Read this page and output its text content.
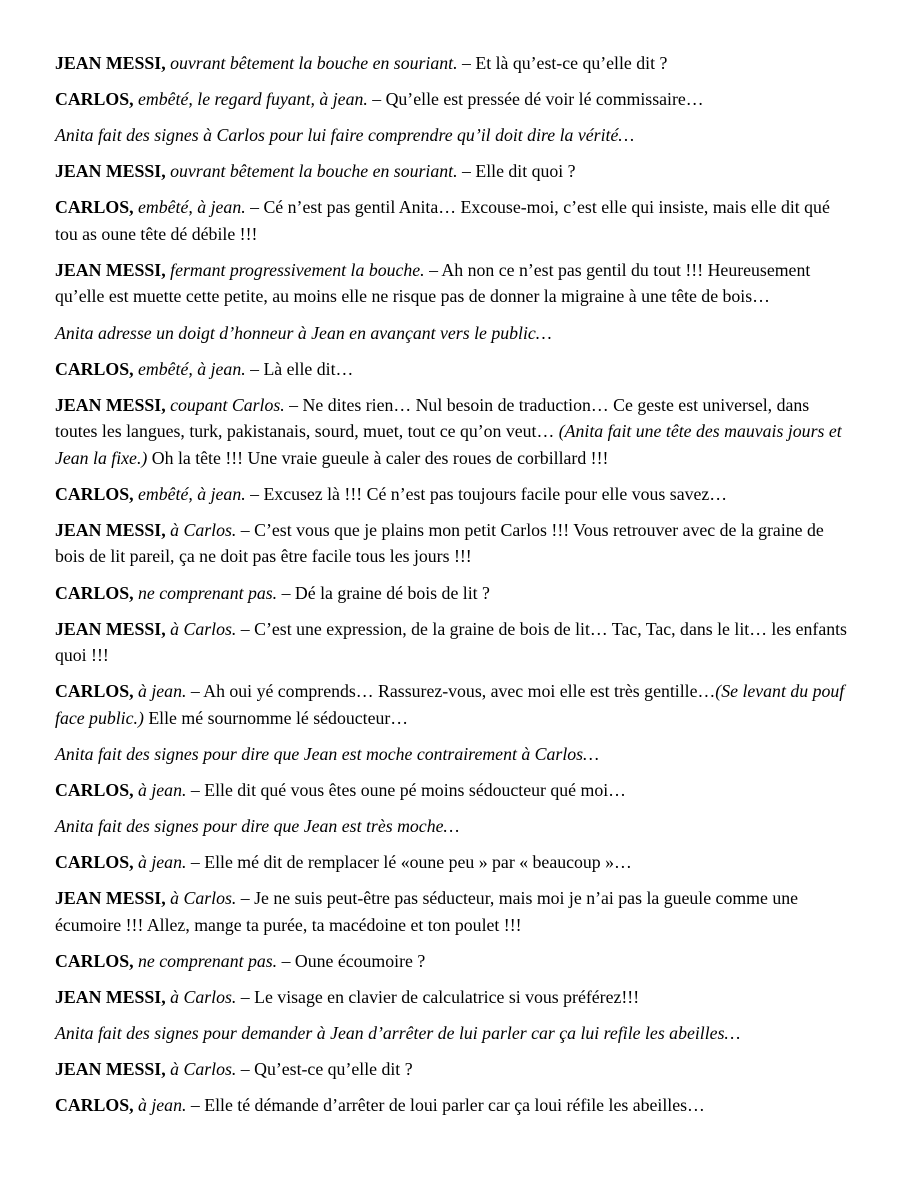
JEAN MESSI, ouvrant bêtement la bouche en souriant. – Et là qu’est-ce qu’elle dit ?

CARLOS, embêté, le regard fuyant, à jean. – Qu’elle est pressée dé voir lé commissaire…

Anita fait des signes à Carlos pour lui faire comprendre qu’il doit dire la vérité…

JEAN MESSI, ouvrant bêtement la bouche en souriant. – Elle dit quoi ?

CARLOS, embêté, à jean. – Cé n’est pas gentil Anita… Excouse-moi, c’est elle qui insiste, mais elle dit qué tou as oune tête dé débile !!!

JEAN MESSI, fermant progressivement la bouche. – Ah non ce n’est pas gentil du tout !!! Heureusement qu’elle est muette cette petite, au moins elle ne risque pas de donner la migraine à une tête de bois…

Anita adresse un doigt d’honneur à Jean en avançant vers le public…

CARLOS, embêté, à jean. – Là elle dit…

JEAN MESSI, coupant Carlos. – Ne dites rien… Nul besoin de traduction… Ce geste est universel, dans toutes les langues, turk, pakistanais, sourd, muet, tout ce qu’on veut… (Anita fait une tête des mauvais jours et Jean la fixe.) Oh la tête !!! Une vraie gueule à caler des roues de corbillard !!!

CARLOS, embêté, à jean. – Excusez là !!! Cé n’est pas toujours facile pour elle vous savez…

JEAN MESSI, à Carlos. – C’est vous que je plains mon petit Carlos !!! Vous retrouver avec de la graine de bois de lit pareil, ça ne doit pas être facile tous les jours !!!

CARLOS, ne comprenant pas. – Dé la graine dé bois de lit ?

JEAN MESSI, à Carlos. – C’est une expression, de la graine de bois de lit… Tac, Tac, dans le lit… les enfants quoi !!!

CARLOS, à jean. – Ah oui yé comprends… Rassurez-vous, avec moi elle est très gentille…(Se levant du pouf face public.) Elle mé sournomme lé sédoucteur…

Anita fait des signes pour dire que Jean est moche contrairement à Carlos…

CARLOS, à jean. – Elle dit qué vous êtes oune pé moins sédoucteur qué moi…

Anita fait des signes pour dire que Jean est très moche…

CARLOS, à jean. – Elle mé dit de remplacer lé «oune peu » par « beaucoup »…

JEAN MESSI, à Carlos. – Je ne suis peut-être pas séducteur, mais moi je n’ai pas la gueule comme une écumoire !!! Allez, mange ta purée, ta macédoine et ton poulet !!!

CARLOS, ne comprenant pas. – Oune écoumoire ?

JEAN MESSI, à Carlos. – Le visage en clavier de calculatrice si vous préférez!!!

Anita fait des signes pour demander à Jean d’arrêter de lui parler car ça lui refile les abeilles…

JEAN MESSI, à Carlos. – Qu’est-ce qu’elle dit ?

CARLOS, à jean. – Elle té démande d’arrêter de loui parler car ça loui réfile les abeilles…
